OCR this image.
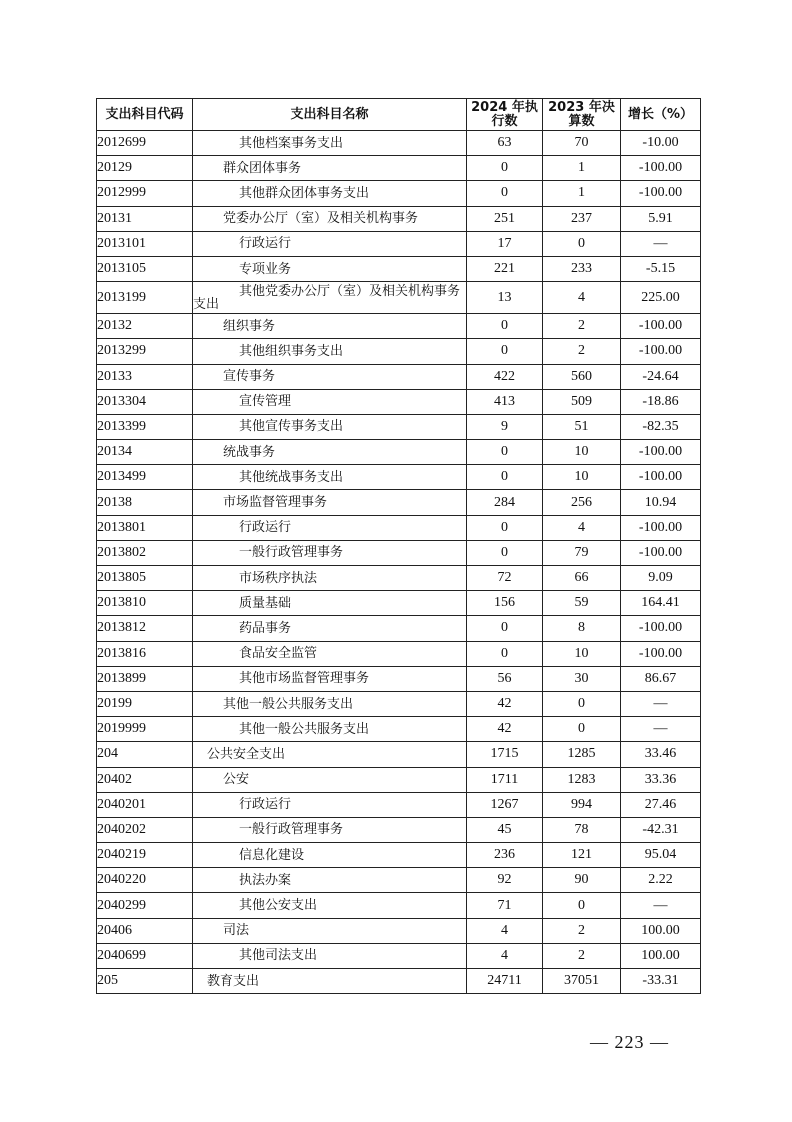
支出科目代码	支出科目名称	2024 年执行数	2023 年决算数	增长（%）
2012699	其他档案事务支出	63	70	-10.00
20129	群众团体事务	0	1	-100.00
2012999	其他群众团体事务支出	0	1	-100.00
20131	党委办公厅（室）及相关机构事务	251	237	5.91
2013101	行政运行	17	0	—
2013105	专项业务	221	233	-5.15
2013199	其他党委办公厅（室）及相关机构事务支出	13	4	225.00
20132	组织事务	0	2	-100.00
2013299	其他组织事务支出	0	2	-100.00
20133	宣传事务	422	560	-24.64
2013304	宣传管理	413	509	-18.86
2013399	其他宣传事务支出	9	51	-82.35
20134	统战事务	0	10	-100.00
2013499	其他统战事务支出	0	10	-100.00
20138	市场监督管理事务	284	256	10.94
2013801	行政运行	0	4	-100.00
2013802	一般行政管理事务	0	79	-100.00
2013805	市场秩序执法	72	66	9.09
2013810	质量基础	156	59	164.41
2013812	药品事务	0	8	-100.00
2013816	食品安全监管	0	10	-100.00
2013899	其他市场监督管理事务	56	30	86.67
20199	其他一般公共服务支出	42	0	—
2019999	其他一般公共服务支出	42	0	—
204	公共安全支出	1715	1285	33.46
20402	公安	1711	1283	33.36
2040201	行政运行	1267	994	27.46
2040202	一般行政管理事务	45	78	-42.31
2040219	信息化建设	236	121	95.04
2040220	执法办案	92	90	2.22
2040299	其他公安支出	71	0	—
20406	司法	4	2	100.00
2040699	其他司法支出	4	2	100.00
205	教育支出	24711	37051	-33.31
— 223 —
